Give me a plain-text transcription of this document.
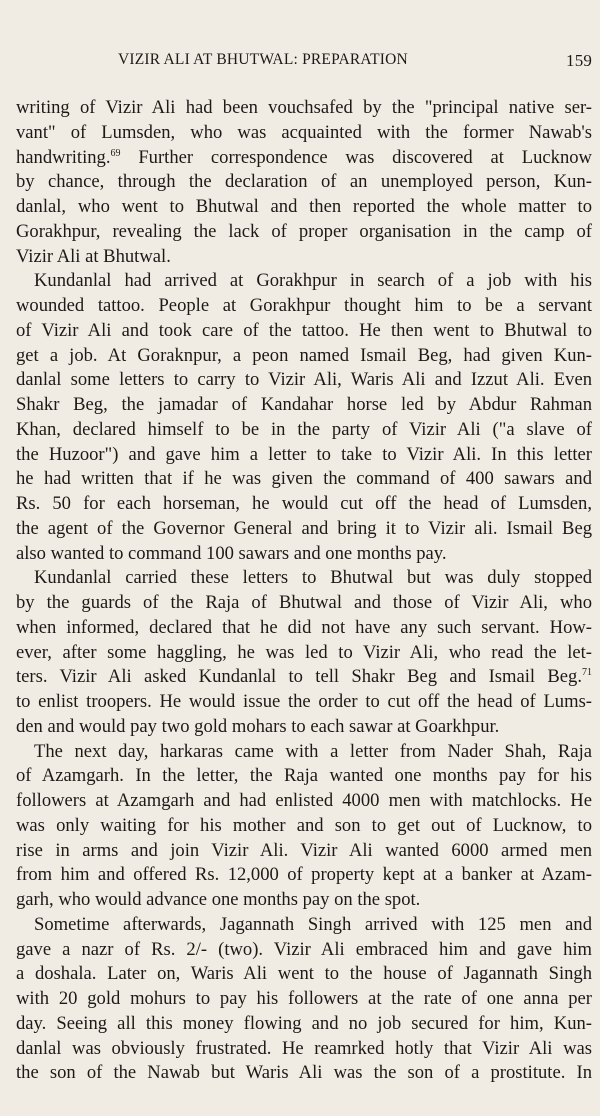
VIZIR ALI AT BHUTWAL: PREPARATION	159
writing of Vizir Ali had been vouchsafed by the "principal native ser-
vant" of Lumsden, who was acquainted with the former Nawab's
handwriting.$^{69}$ Further correspondence was discovered at Lucknow
by chance, through the declaration of an unemployed person, Kun-
danlal, who went to Bhutwal and then reported the whole matter to
Gorakhpur, revealing the lack of proper organisation in the camp of
Vizir Ali at Bhutwal.
Kundanlal had arrived at Gorakhpur in search of a job with his
wounded tattoo. People at Gorakhpur thought him to be a servant
of Vizir Ali and took care of the tattoo. He then went to Bhutwal to
get a job. At Goraknpur, a peon named Ismail Beg, had given Kun-
danlal some letters to carry to Vizir Ali, Waris Ali and Izzut Ali. Even
Shakr Beg, the jamadar of Kandahar horse led by Abdur Rahman
Khan, declared himself to be in the party of Vizir Ali ("a slave of
the Huzoor") and gave him a letter to take to Vizir Ali. In this letter
he had written that if he was given the command of 400 sawars and
Rs. 50 for each horseman, he would cut off the head of Lumsden,
the agent of the Governor General and bring it to Vizir ali. Ismail Beg
also wanted to command 100 sawars and one months pay.
Kundanlal carried these letters to Bhutwal but was duly stopped
by the guards of the Raja of Bhutwal and those of Vizir Ali, who
when informed, declared that he did not have any such servant. How-
ever, after some haggling, he was led to Vizir Ali, who read the let-
ters. Vizir Ali asked Kundanlal to tell Shakr Beg and Ismail Beg.$^{71}$
to enlist troopers. He would issue the order to cut off the head of Lums-
den and would pay two gold mohars to each sawar at Goarkhpur.
The next day, harkaras came with a letter from Nader Shah, Raja
of Azamgarh. In the letter, the Raja wanted one months pay for his
followers at Azamgarh and had enlisted 4000 men with matchlocks. He
was only waiting for his mother and son to get out of Lucknow, to
rise in arms and join Vizir Ali. Vizir Ali wanted 6000 armed men
from him and offered Rs. 12,000 of property kept at a banker at Azam-
garh, who would advance one months pay on the spot.
Sometime afterwards, Jagannath Singh arrived with 125 men and
gave a nazr of Rs. 2/- (two). Vizir Ali embraced him and gave him
a doshala. Later on, Waris Ali went to the house of Jagannath Singh
with 20 gold mohurs to pay his followers at the rate of one anna per
day. Seeing all this money flowing and no job secured for him, Kun-
danlal was obviously frustrated. He reamrked hotly that Vizir Ali was
the son of the Nawab but Waris Ali was the son of a prostitute. In
